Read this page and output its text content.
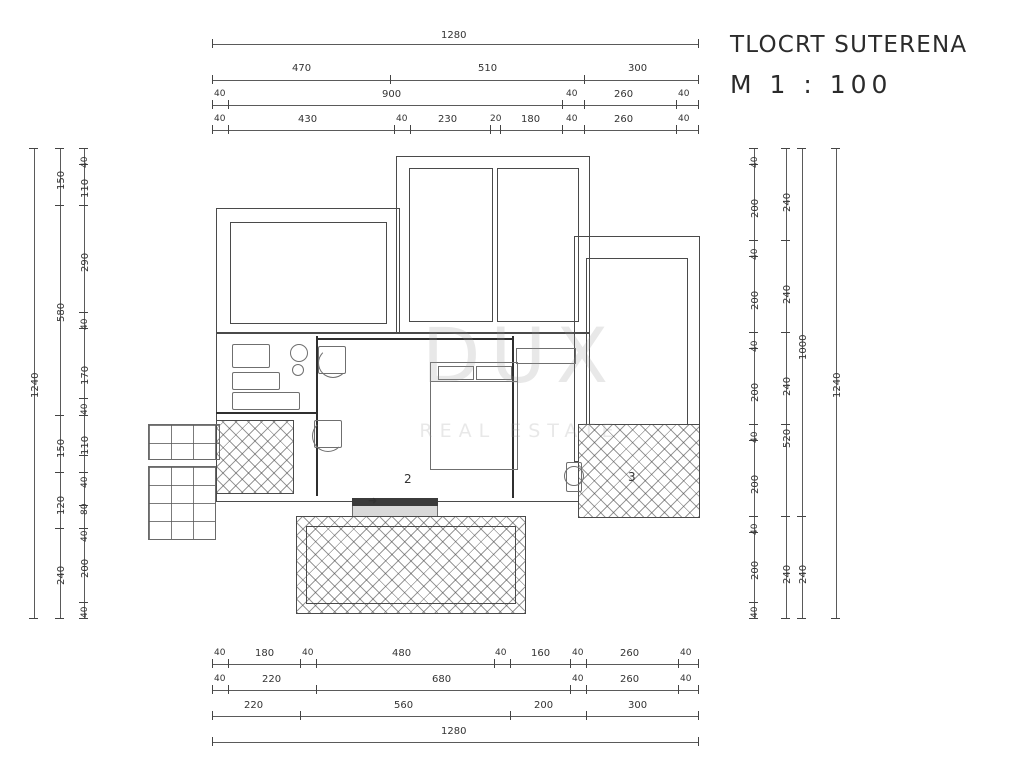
TLOCRT SUTERENA
M 1 : 100
1280
470	510	300
40	900	40	260	40
40	430	40	230	20 180	40	260	40
1240
150
580
150
120
240
40
110
290
40
170
40
110
40
80
40
200
40
40
200
40
200
40
200
40
200
40
200
40
240
240
240
520
240
1000
240
1240
40	180	40	480	40 160 40	260	40
40	220	680	40	260	40
220	560	200	300
1280
➜
2	3
DUX
REAL ESTATE
